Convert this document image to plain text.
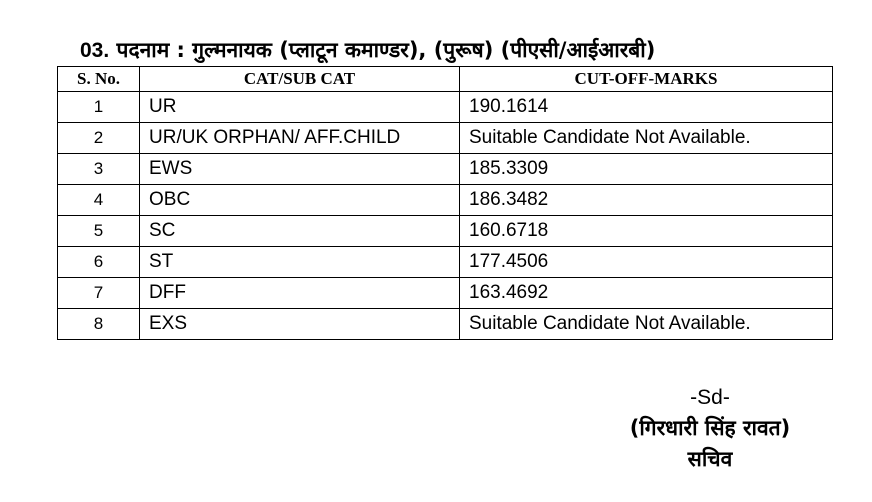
03. पदनाम : गुल्मनायक (प्लाटून कमाण्डर), (पुरूष) (पीएसी/आईआरबी)
S. No.	CAT/SUB CAT	CUT-OFF-MARKS
1	UR	190.1614
2	UR/UK ORPHAN/ AFF.CHILD	Suitable Candidate Not Available.
3	EWS	185.3309
4	OBC	186.3482
5	SC	160.6718
6	ST	177.4506
7	DFF	163.4692
8	EXS	Suitable Candidate Not Available.
-Sd-
(गिरधारी सिंह रावत)
सचिव
